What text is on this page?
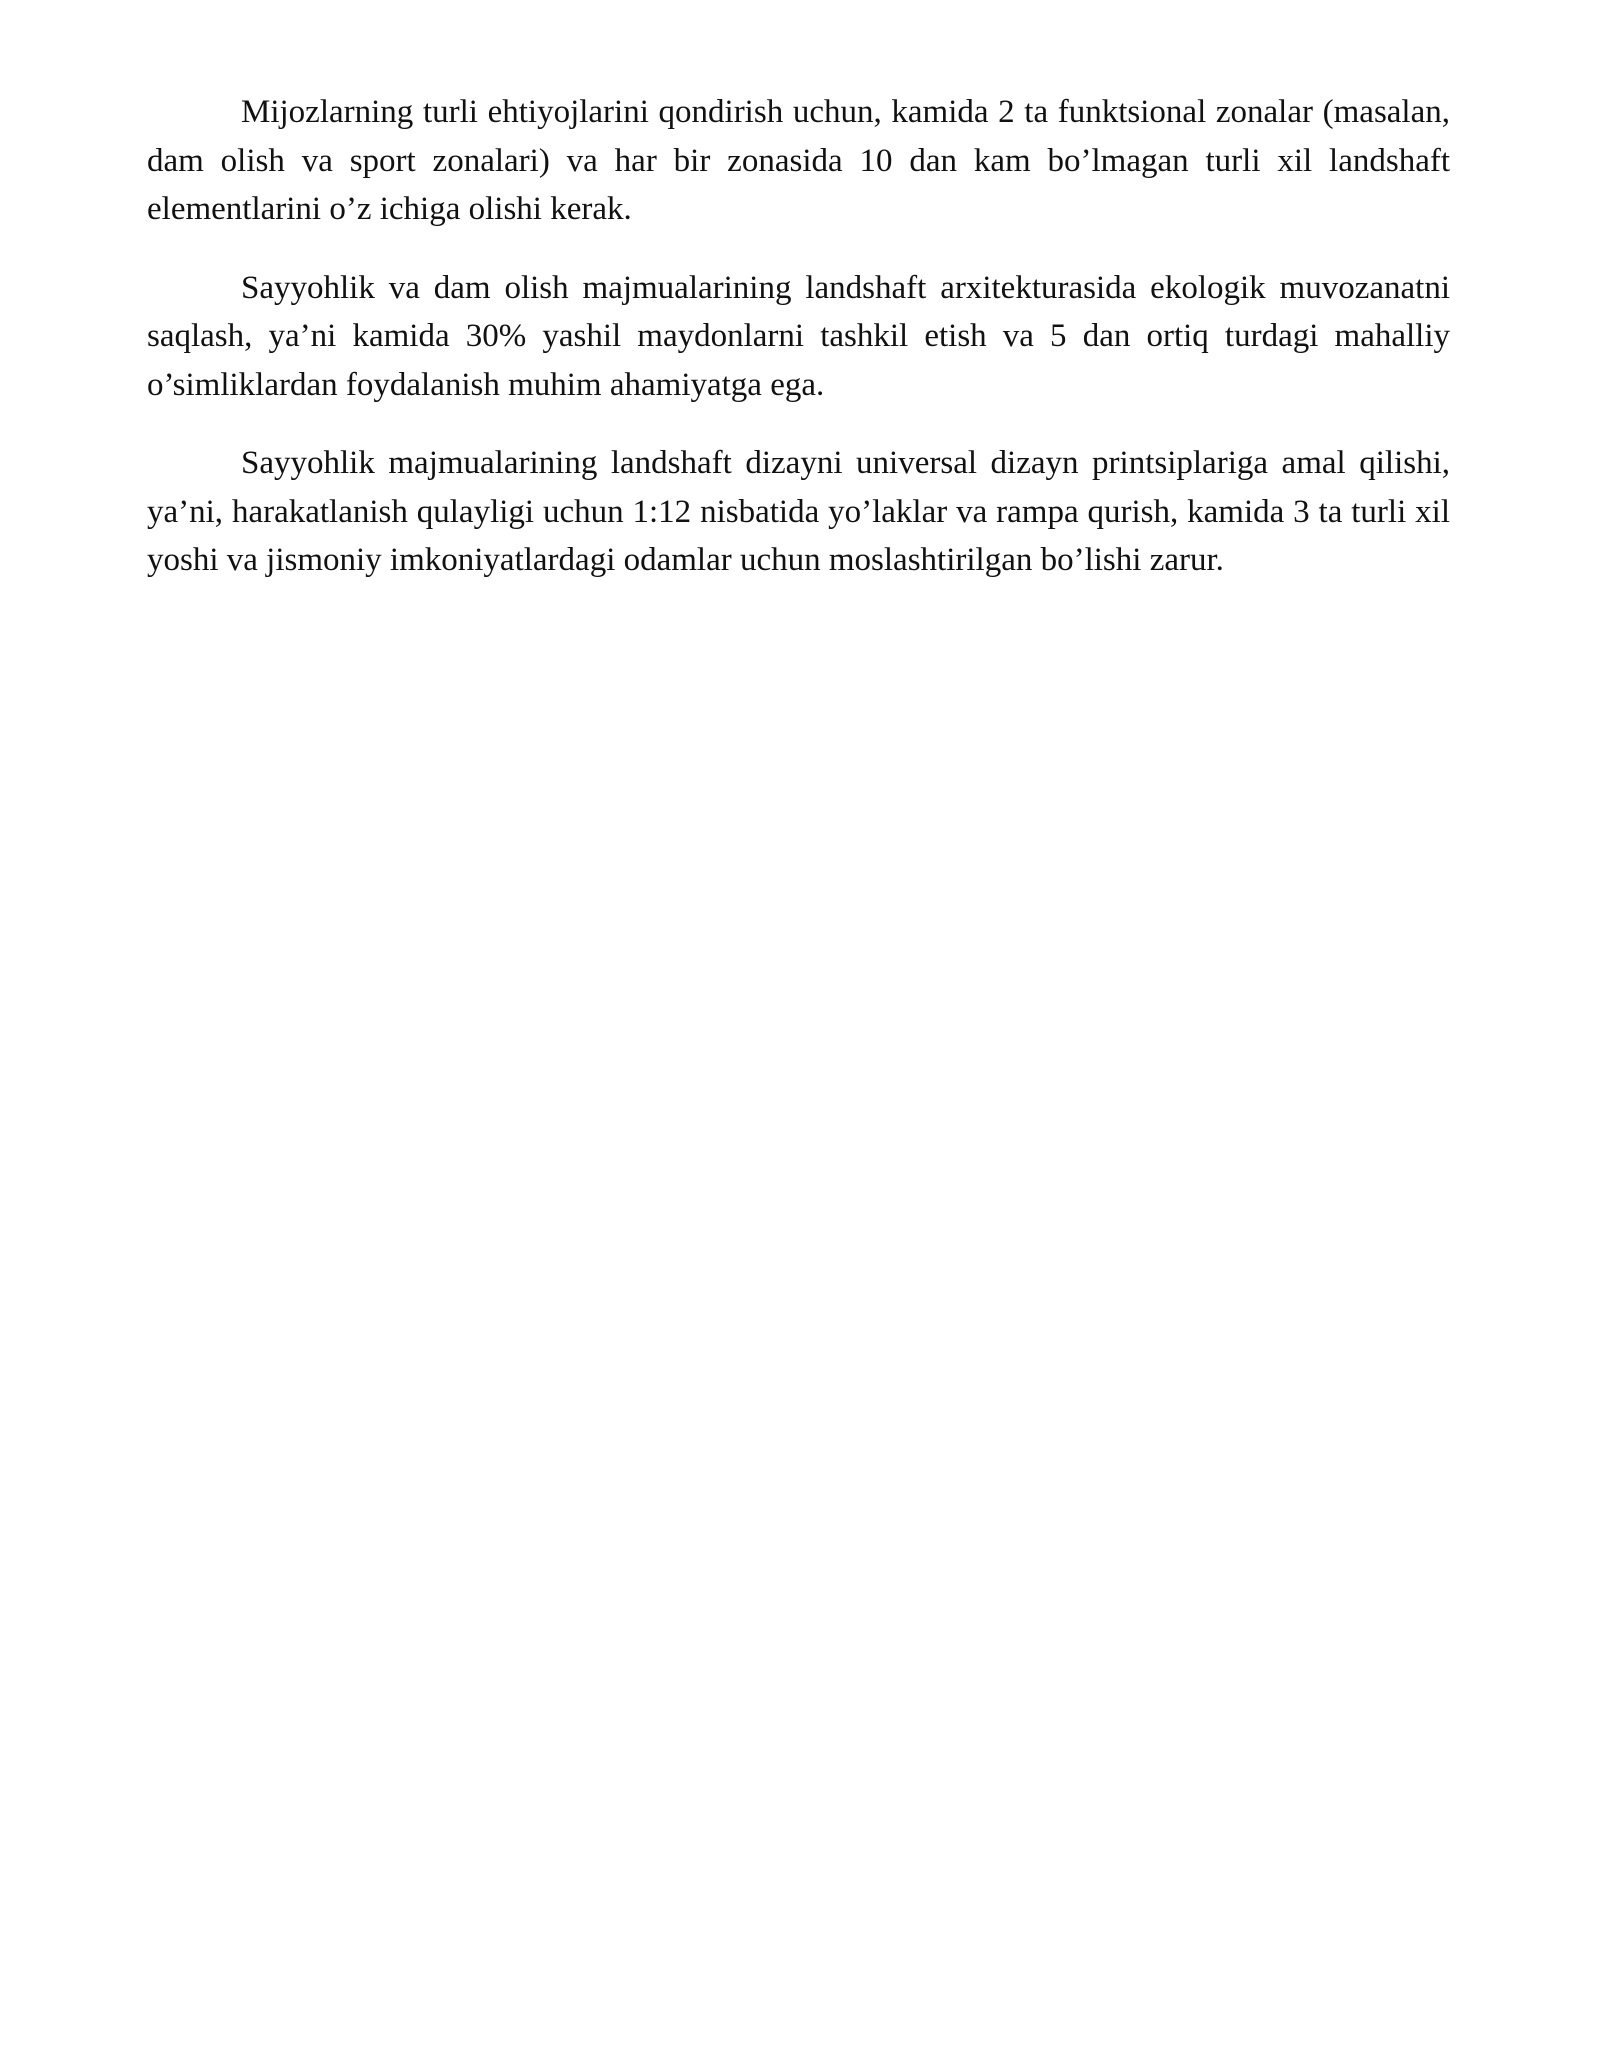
Mijozlarning turli ehtiyojlarini qondirish uchun, kamida 2 ta funktsional zonalar (masalan, dam olish va sport zonalari) va har bir zonasida 10 dan kam bo’lmagan turli xil landshaft elementlarini o’z ichiga olishi kerak.

Sayyohlik va dam olish majmualarining landshaft arxitekturasida ekologik muvozanatni saqlash, ya’ni kamida 30% yashil maydonlarni tashkil etish va 5 dan ortiq turdagi mahalliy o’simliklardan foydalanish muhim ahamiyatga ega.

Sayyohlik majmualarining landshaft dizayni universal dizayn printsiplariga amal qilishi, ya’ni, harakatlanish qulayligi uchun 1:12 nisbatida yo’laklar va rampa qurish, kamida 3 ta turli xil yoshi va jismoniy imkoniyatlardagi odamlar uchun moslashtirilgan bo’lishi zarur.
